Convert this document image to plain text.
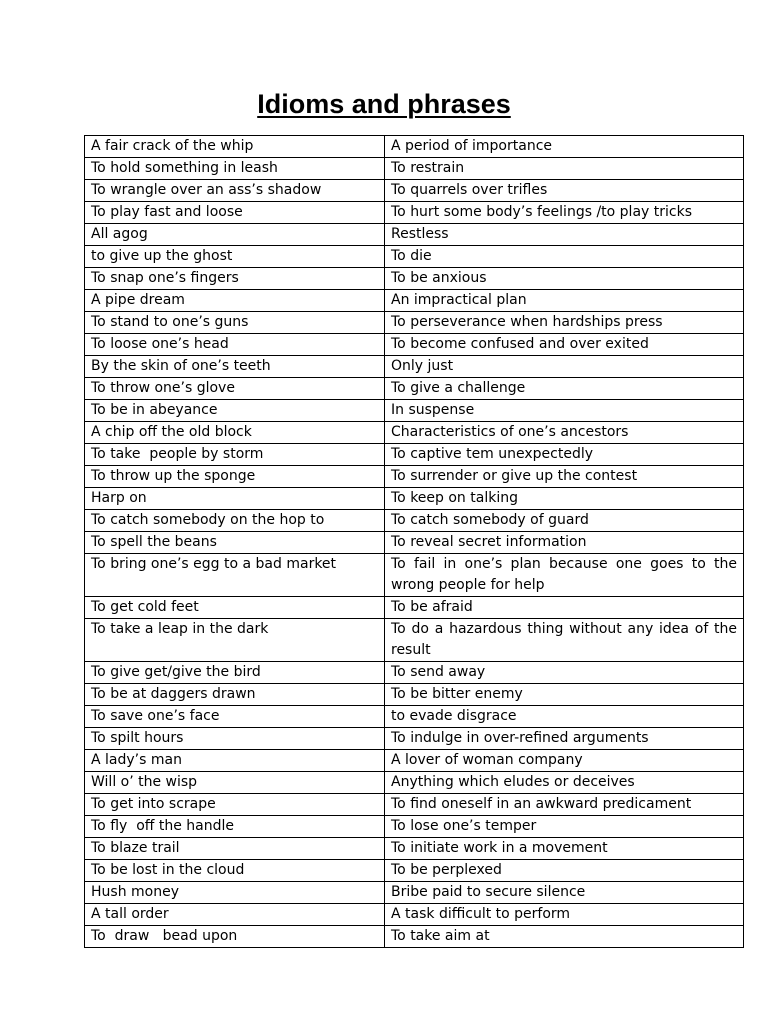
Idioms and phrases
A fair crack of the whip	A period of importance
To hold something in leash	To restrain
To wrangle over an ass’s shadow	To quarrels over trifles
To play fast and loose	To hurt some body’s feelings /to play tricks
All agog	Restless
to give up the ghost	To die
To snap one’s fingers	To be anxious
A pipe dream	An impractical plan
To stand to one’s guns	To perseverance when hardships press
To loose one’s head	To become confused and over exited
By the skin of one’s teeth	Only just
To throw one’s glove	To give a challenge
To be in abeyance	In suspense
A chip off the old block	Characteristics of one’s ancestors
To take  people by storm	To captive tem unexpectedly
To throw up the sponge	To surrender or give up the contest
Harp on	To keep on talking
To catch somebody on the hop to	To catch somebody of guard
To spell the beans	To reveal secret information
To bring one’s egg to a bad market	To fail in one’s plan because one goes to the wrong people for help
To get cold feet	To be afraid
To take a leap in the dark	To do a hazardous thing without any idea of the result
To give get/give the bird	To send away
To be at daggers drawn	To be bitter enemy
To save one’s face	to evade disgrace
To spilt hours	To indulge in over-refined arguments
A lady’s man	A lover of woman company
Will o’ the wisp	Anything which eludes or deceives
To get into scrape	To find oneself in an awkward predicament
To fly  off the handle	To lose one’s temper
To blaze trail	To initiate work in a movement
To be lost in the cloud	To be perplexed
Hush money	Bribe paid to secure silence
A tall order	A task difficult to perform
To  draw   bead upon	To take aim at
